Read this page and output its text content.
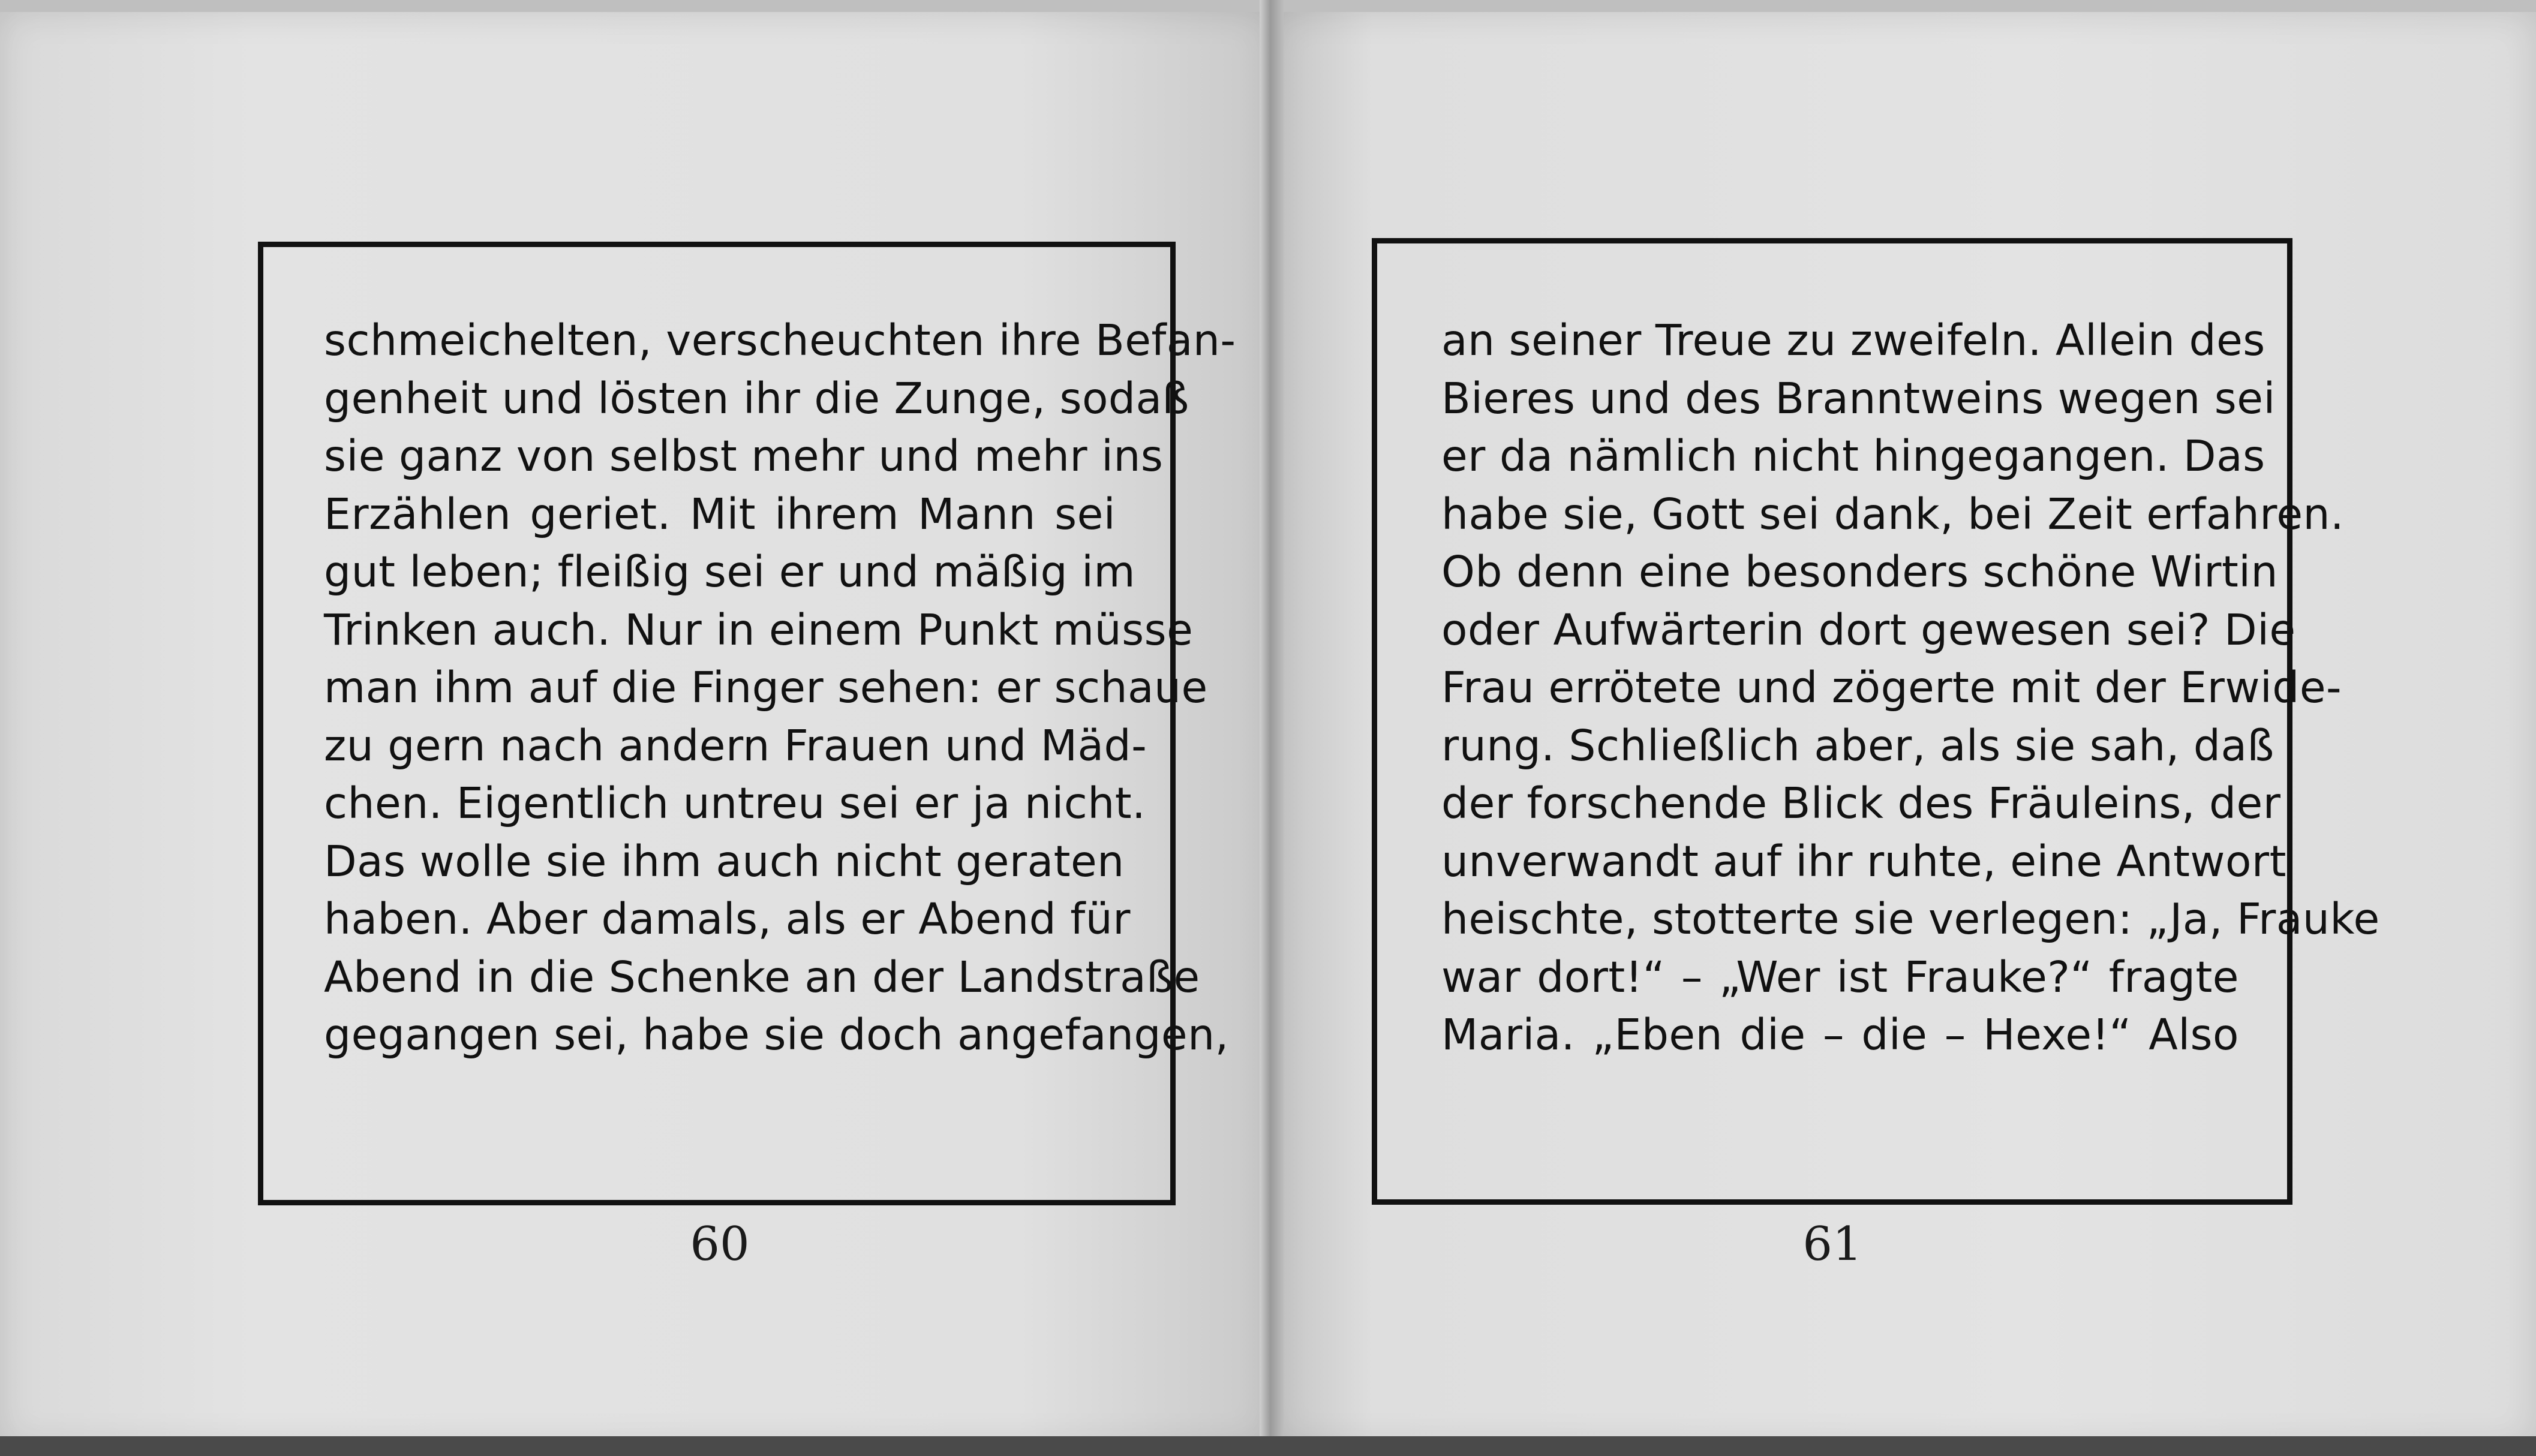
schmeichelten, verscheuchten ihre Befan-
genheit und lösten ihr die Zunge, sodaß
sie ganz von selbst mehr und mehr ins
Erzählen geriet. Mit ihrem Mann sei
gut leben; fleißig sei er und mäßig im
Trinken auch. Nur in einem Punkt müsse
man ihm auf die Finger sehen: er schaue
zu gern nach andern Frauen und Mäd-
chen. Eigentlich untreu sei er ja nicht.
Das wolle sie ihm auch nicht geraten
haben. Aber damals, als er Abend für
Abend in die Schenke an der Landstraße
gegangen sei, habe sie doch angefangen,
an seiner Treue zu zweifeln. Allein des
Bieres und des Branntweins wegen sei
er da nämlich nicht hingegangen. Das
habe sie, Gott sei dank, bei Zeit erfahren.
Ob denn eine besonders schöne Wirtin
oder Aufwärterin dort gewesen sei? Die
Frau errötete und zögerte mit der Erwide-
rung. Schließlich aber, als sie sah, daß
der forschende Blick des Fräuleins, der
unverwandt auf ihr ruhte, eine Antwort
heischte, stotterte sie verlegen: „Ja, Frauke
war dort!“ – „Wer ist Frauke?“ fragte
Maria. „Eben die – die – Hexe!“ Also
60	61
